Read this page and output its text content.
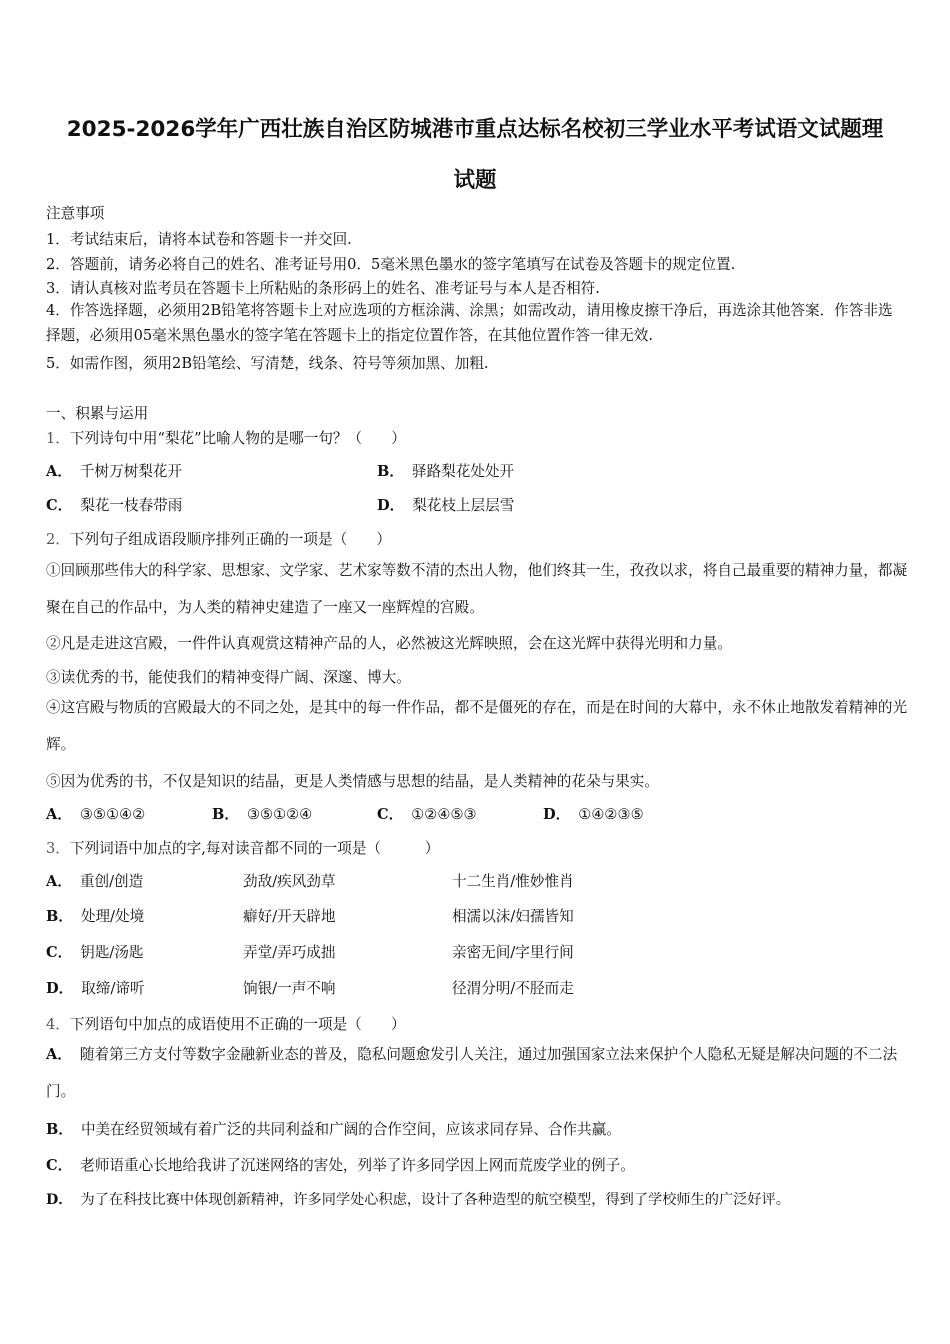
2025-2026学年广西壮族自治区防城港市重点达标名校初三学业水平考试语文试题理
试题
注意事项
1．考试结束后，请将本试卷和答题卡一并交回.
2．答题前，请务必将自己的姓名、准考证号用0．5毫米黑色墨水的签字笔填写在试卷及答题卡的规定位置.
3．请认真核对监考员在答题卡上所粘贴的条形码上的姓名、准考证号与本人是否相符.
4．作答选择题，必须用2B铅笔将答题卡上对应选项的方框涂满、涂黑；如需改动，请用橡皮擦干净后，再选涂其他答案．作答非选择题，必须用05毫米黑色墨水的签字笔在答题卡上的指定位置作答，在其他位置作答一律无效.
5．如需作图，须用2B铅笔绘、写清楚，线条、符号等须加黑、加粗.
一、积累与运用
1．下列诗句中用“梨花”比喻人物的是哪一句？（　　）
A． 千树万树梨花开	B． 驿路梨花处处开
C． 梨花一枝春带雨	D． 梨花枝上层层雪
2．下列句子组成语段顺序排列正确的一项是（　　）
①回顾那些伟大的科学家、思想家、文学家、艺术家等数不清的杰出人物，他们终其一生，孜孜以求，将自己最重要的精神力量，都凝聚在自己的作品中，为人类的精神史建造了一座又一座辉煌的宫殿。
②凡是走进这宫殿，一件件认真观赏这精神产品的人，必然被这光辉映照，会在这光辉中获得光明和力量。
③读优秀的书，能使我们的精神变得广阔、深邃、博大。
④这宫殿与物质的宫殿最大的不同之处，是其中的每一件作品，都不是僵死的存在，而是在时间的大幕中，永不休止地散发着精神的光辉。
⑤因为优秀的书，不仅是知识的结晶，更是人类情感与思想的结晶，是人类精神的花朵与果实。
A． ③⑤①④②	B． ③⑤①②④	C． ①②④⑤③	D． ①④②③⑤
3．下列词语中加点的字,每对读音都不同的一项是（　　　）
A． 重创/创造	劲敌/疾风劲草	十二生肖/惟妙惟肖
B． 处理/处境	癖好/开天辟地	相濡以沫/妇孺皆知
C． 钥匙/汤匙	弄堂/弄巧成拙	亲密无间/字里行间
D． 取缔/谛听	饷银/一声不响	径渭分明/不胫而走
4．下列语句中加点的成语使用不正确的一项是（　　）
A． 随着第三方支付等数字金融新业态的普及，隐私问题愈发引人关注，通过加强国家立法来保护个人隐私无疑是解决问题的不二法门。
B． 中美在经贸领域有着广泛的共同利益和广阔的合作空间，应该求同存异、合作共赢。
C． 老师语重心长地给我讲了沉迷网络的害处，列举了许多同学因上网而荒废学业的例子。
D． 为了在科技比赛中体现创新精神，许多同学处心积虑，设计了各种造型的航空模型，得到了学校师生的广泛好评。
